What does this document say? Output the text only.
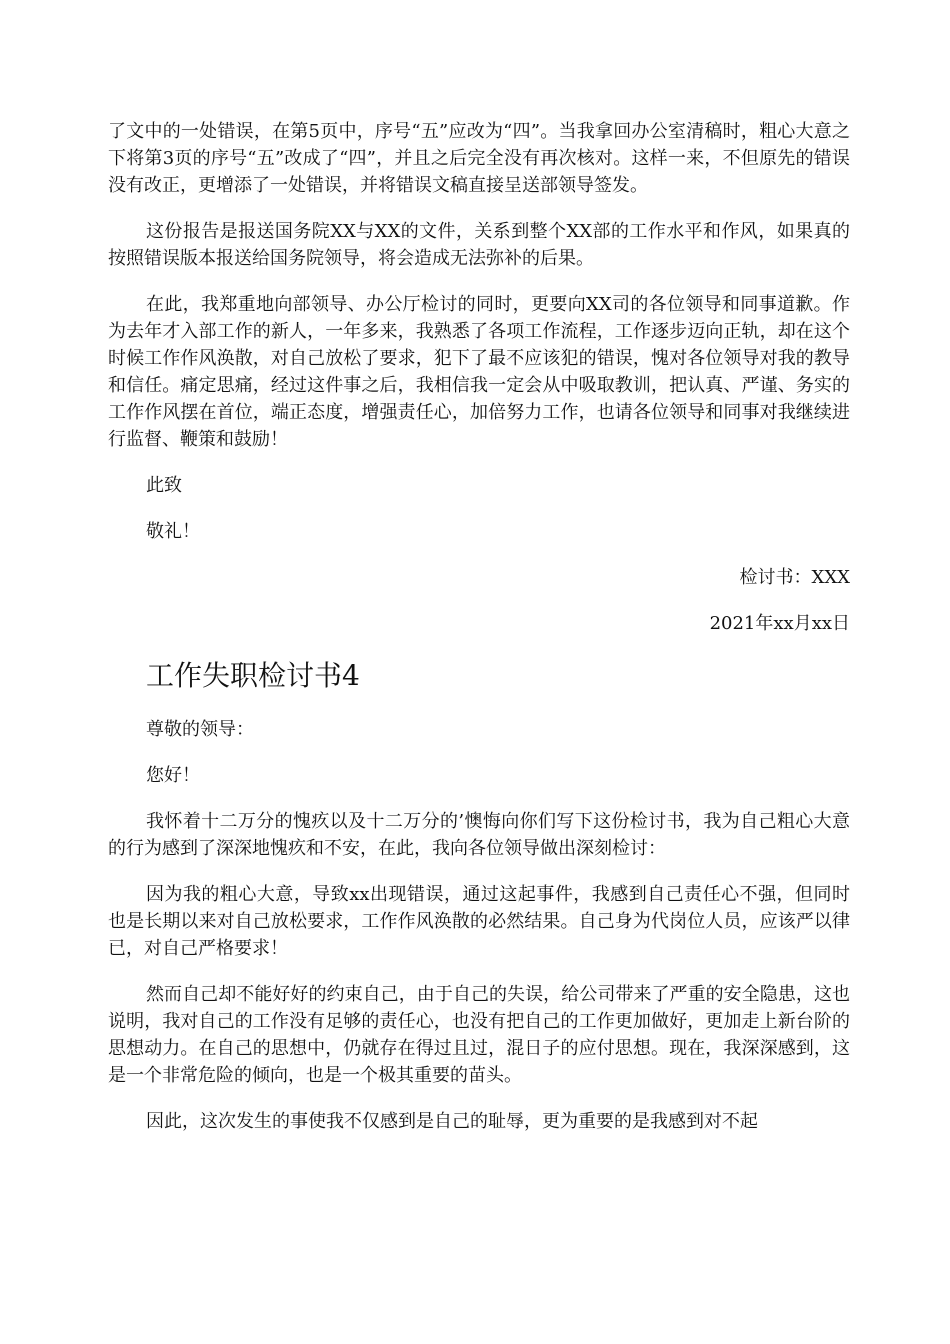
了文中的一处错误，在第5页中，序号“五”应改为“四”。当我拿回办公室清稿时，粗心大意之下将第3页的序号“五”改成了“四”，并且之后完全没有再次核对。这样一来，不但原先的错误没有改正，更增添了一处错误，并将错误文稿直接呈送部领导签发。

这份报告是报送国务院XX与XX的文件，关系到整个XX部的工作水平和作风，如果真的按照错误版本报送给国务院领导，将会造成无法弥补的后果。

在此，我郑重地向部领导、办公厅检讨的同时，更要向XX司的各位领导和同事道歉。作为去年才入部工作的新人，一年多来，我熟悉了各项工作流程，工作逐步迈向正轨，却在这个时候工作作风涣散，对自己放松了要求，犯下了最不应该犯的错误，愧对各位领导对我的教导和信任。痛定思痛，经过这件事之后，我相信我一定会从中吸取教训，把认真、严谨、务实的工作作风摆在首位，端正态度，增强责任心，加倍努力工作，也请各位领导和同事对我继续进行监督、鞭策和鼓励！

此致

敬礼！

检讨书：XXX

2021年xx月xx日

工作失职检讨书4

尊敬的领导：

您好！

我怀着十二万分的愧疚以及十二万分的’懊悔向你们写下这份检讨书，我为自己粗心大意的行为感到了深深地愧疚和不安，在此，我向各位领导做出深刻检讨：

因为我的粗心大意，导致xx出现错误，通过这起事件，我感到自己责任心不强，但同时也是长期以来对自己放松要求，工作作风涣散的必然结果。自己身为代岗位人员，应该严以律已，对自己严格要求！

然而自己却不能好好的约束自己，由于自己的失误，给公司带来了严重的安全隐患，这也说明，我对自己的工作没有足够的责任心，也没有把自己的工作更加做好，更加走上新台阶的思想动力。在自己的思想中，仍就存在得过且过，混日子的应付思想。现在，我深深感到，这是一个非常危险的倾向，也是一个极其重要的苗头。

因此，这次发生的事使我不仅感到是自己的耻辱，更为重要的是我感到对不起
